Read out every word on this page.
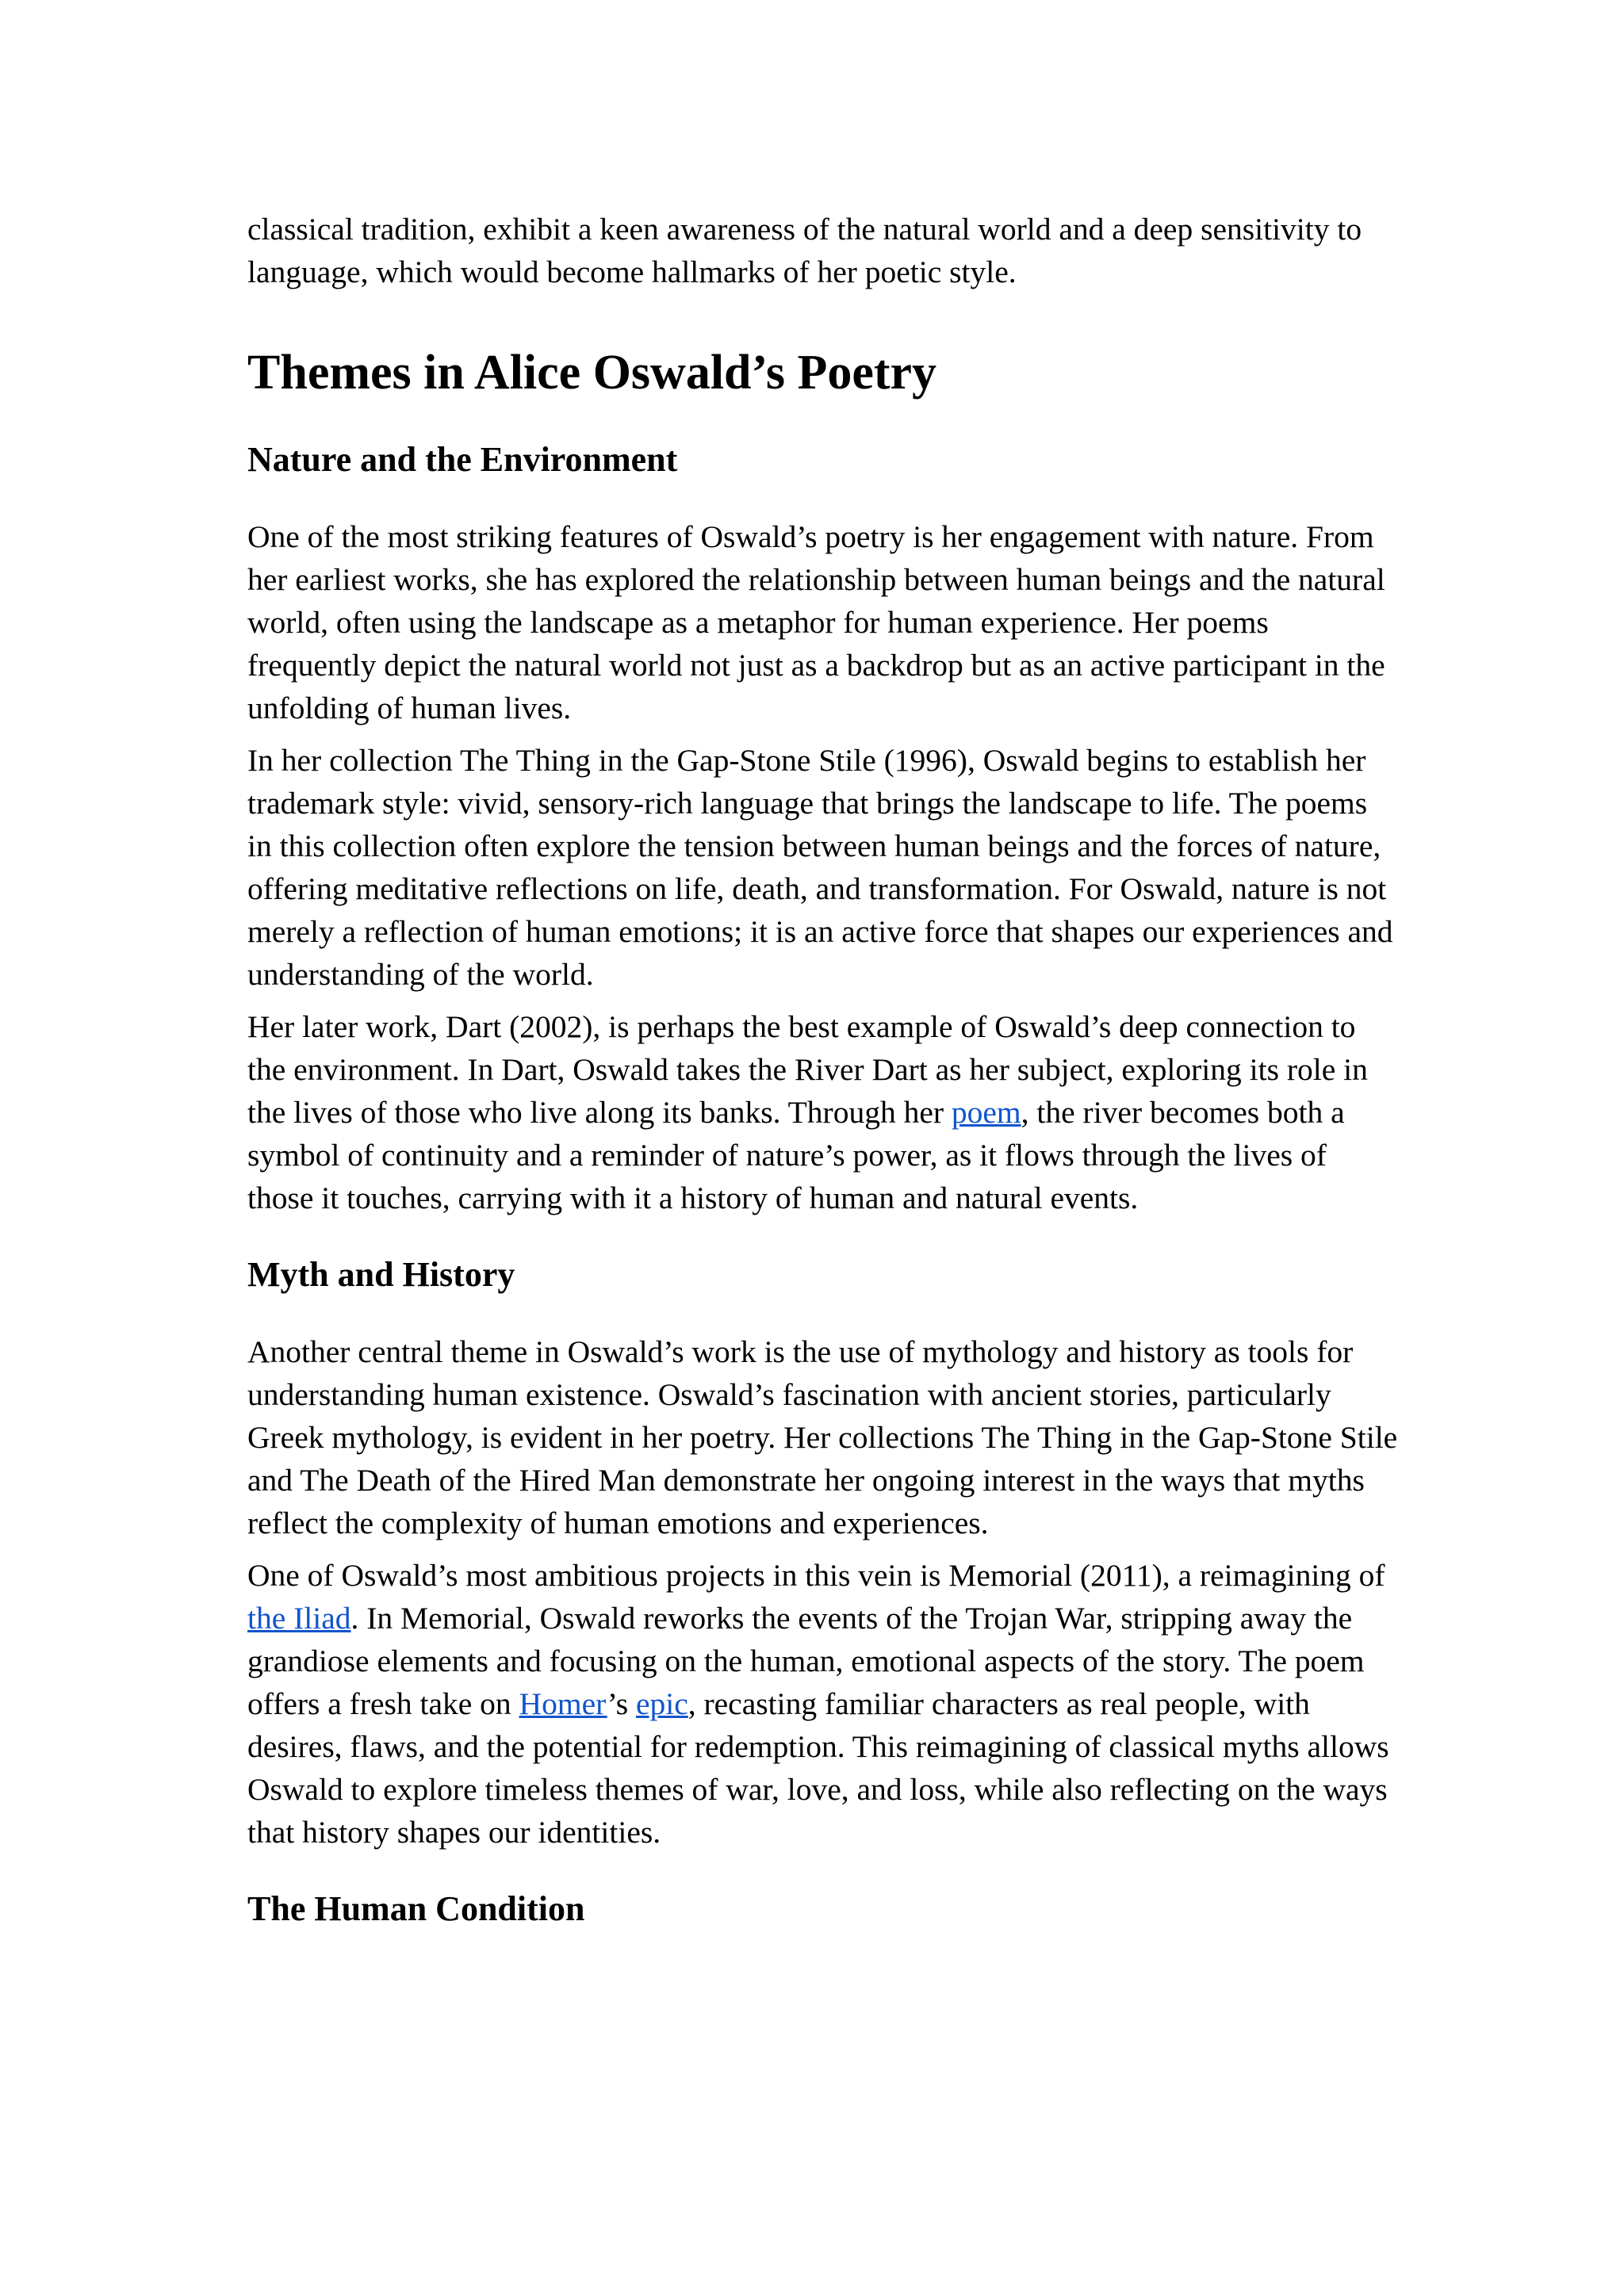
classical tradition, exhibit a keen awareness of the natural world and a deep sensitivity to language, which would become hallmarks of her poetic style.

Themes in Alice Oswald’s Poetry
Nature and the Environment

One of the most striking features of Oswald’s poetry is her engagement with nature. From her earliest works, she has explored the relationship between human beings and the natural world, often using the landscape as a metaphor for human experience. Her poems frequently depict the natural world not just as a backdrop but as an active participant in the unfolding of human lives.

In her collection The Thing in the Gap-Stone Stile (1996), Oswald begins to establish her trademark style: vivid, sensory-rich language that brings the landscape to life. The poems in this collection often explore the tension between human beings and the forces of nature, offering meditative reflections on life, death, and transformation. For Oswald, nature is not merely a reflection of human emotions; it is an active force that shapes our experiences and understanding of the world.

Her later work, Dart (2002), is perhaps the best example of Oswald’s deep connection to the environment. In Dart, Oswald takes the River Dart as her subject, exploring its role in the lives of those who live along its banks. Through her poem, the river becomes both a symbol of continuity and a reminder of nature’s power, as it flows through the lives of those it touches, carrying with it a history of human and natural events.

Myth and History

Another central theme in Oswald’s work is the use of mythology and history as tools for understanding human existence. Oswald’s fascination with ancient stories, particularly Greek mythology, is evident in her poetry. Her collections The Thing in the Gap-Stone Stile and The Death of the Hired Man demonstrate her ongoing interest in the ways that myths reflect the complexity of human emotions and experiences.

One of Oswald’s most ambitious projects in this vein is Memorial (2011), a reimagining of the Iliad. In Memorial, Oswald reworks the events of the Trojan War, stripping away the grandiose elements and focusing on the human, emotional aspects of the story. The poem offers a fresh take on Homer’s epic, recasting familiar characters as real people, with desires, flaws, and the potential for redemption. This reimagining of classical myths allows Oswald to explore timeless themes of war, love, and loss, while also reflecting on the ways that history shapes our identities.

The Human Condition
